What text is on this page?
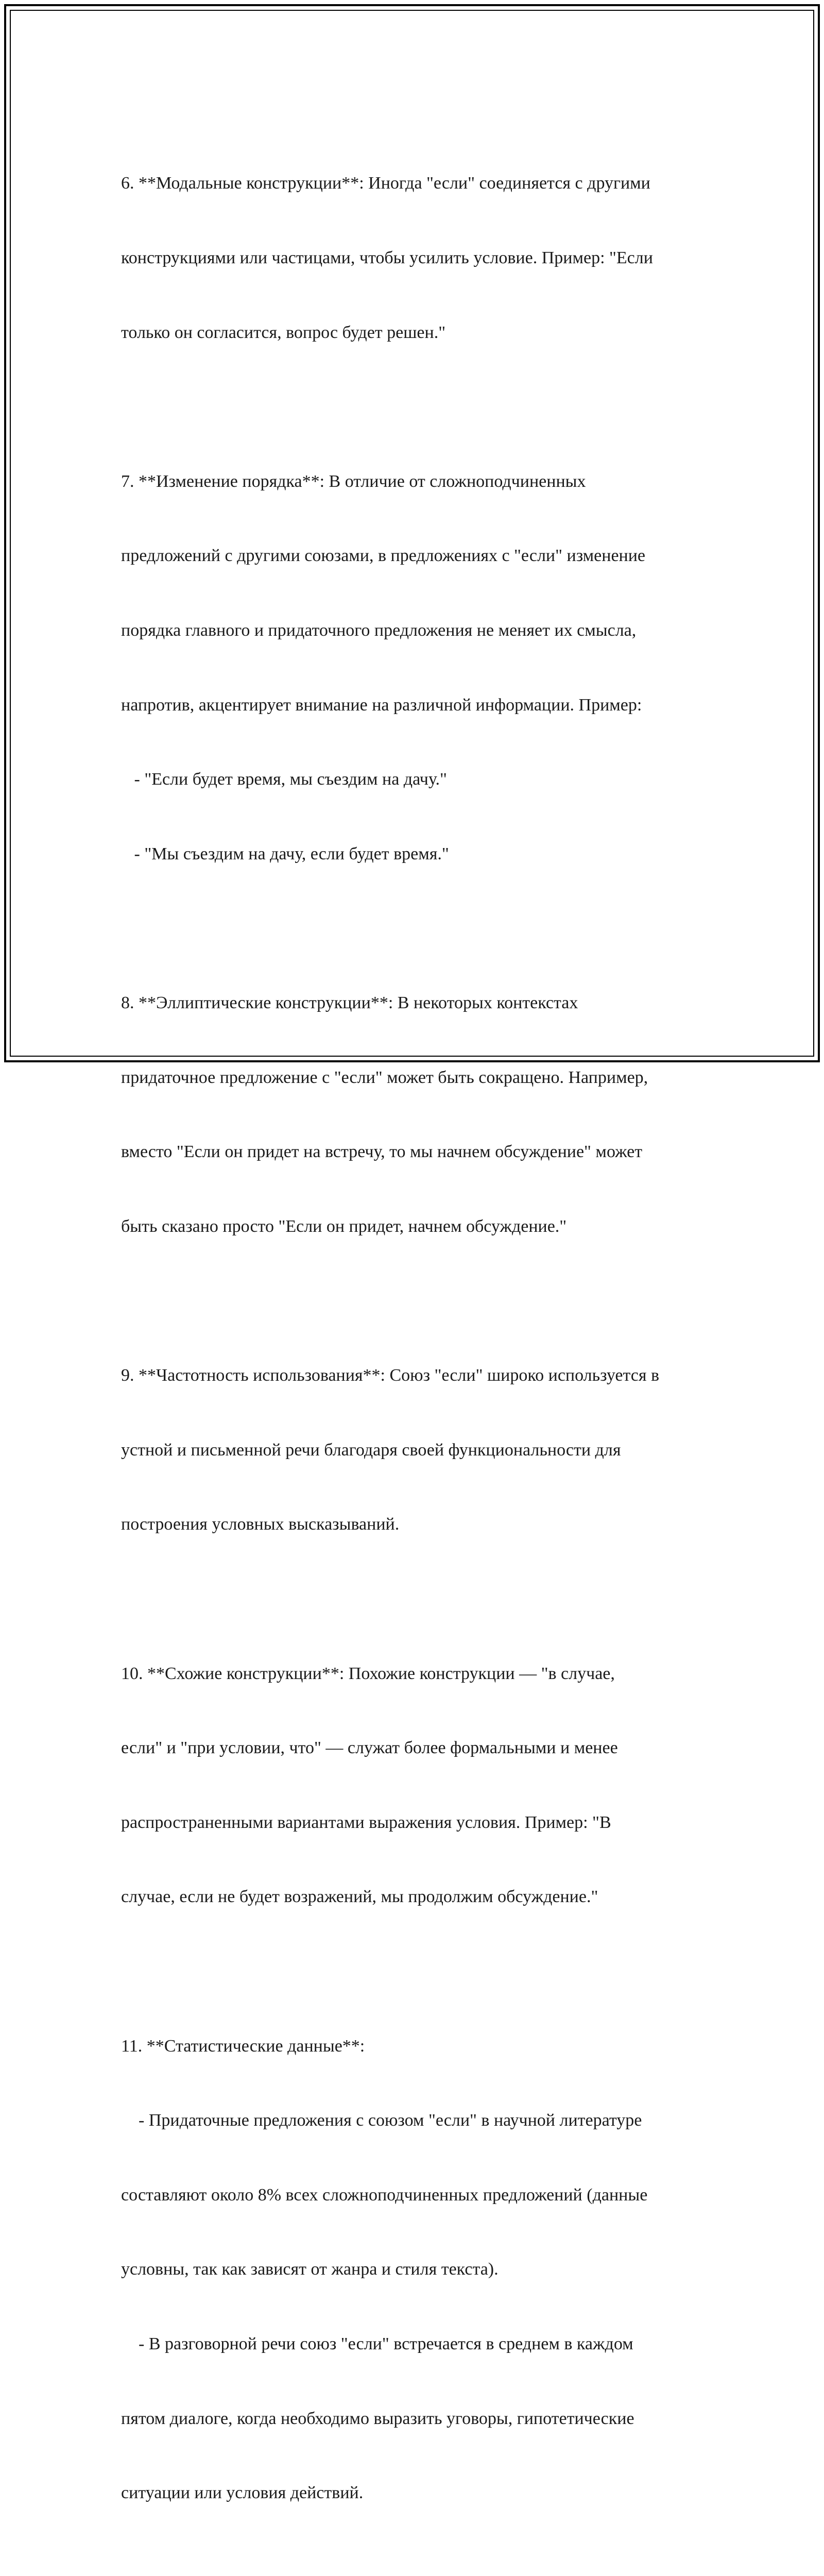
6. **Модальные конструкции**: Иногда "если" соединяется с другими

конструкциями или частицами, чтобы усилить условие. Пример: "Если

только он согласится, вопрос будет решен."

7. **Изменение порядка**: В отличие от сложноподчиненных

предложений с другими союзами, в предложениях с "если" изменение

порядка главного и придаточного предложения не меняет их смысла,

напротив, акцентирует внимание на различной информации. Пример:

- "Если будет время, мы съездим на дачу."

- "Мы съездим на дачу, если будет время."

8. **Эллиптические конструкции**: В некоторых контекстах

придаточное предложение с "если" может быть сокращено. Например,

вместо "Если он придет на встречу, то мы начнем обсуждение" может

быть сказано просто "Если он придет, начнем обсуждение."

9. **Частотность использования**: Союз "если" широко используется в

устной и письменной речи благодаря своей функциональности для

построения условных высказываний.

10. **Схожие конструкции**: Похожие конструкции — "в случае,

если" и "при условии, что" — служат более формальными и менее

распространенными вариантами выражения условия. Пример: "В

случае, если не будет возражений, мы продолжим обсуждение."

11. **Статистические данные**:

- Придаточные предложения с союзом "если" в научной литературе

составляют около 8% всех сложноподчиненных предложений (данные

условны, так как зависят от жанра и стиля текста).

- В разговорной речи союз "если" встречается в среднем в каждом

пятом диалоге, когда необходимо выразить уговоры, гипотетические

ситуации или условия действий.
